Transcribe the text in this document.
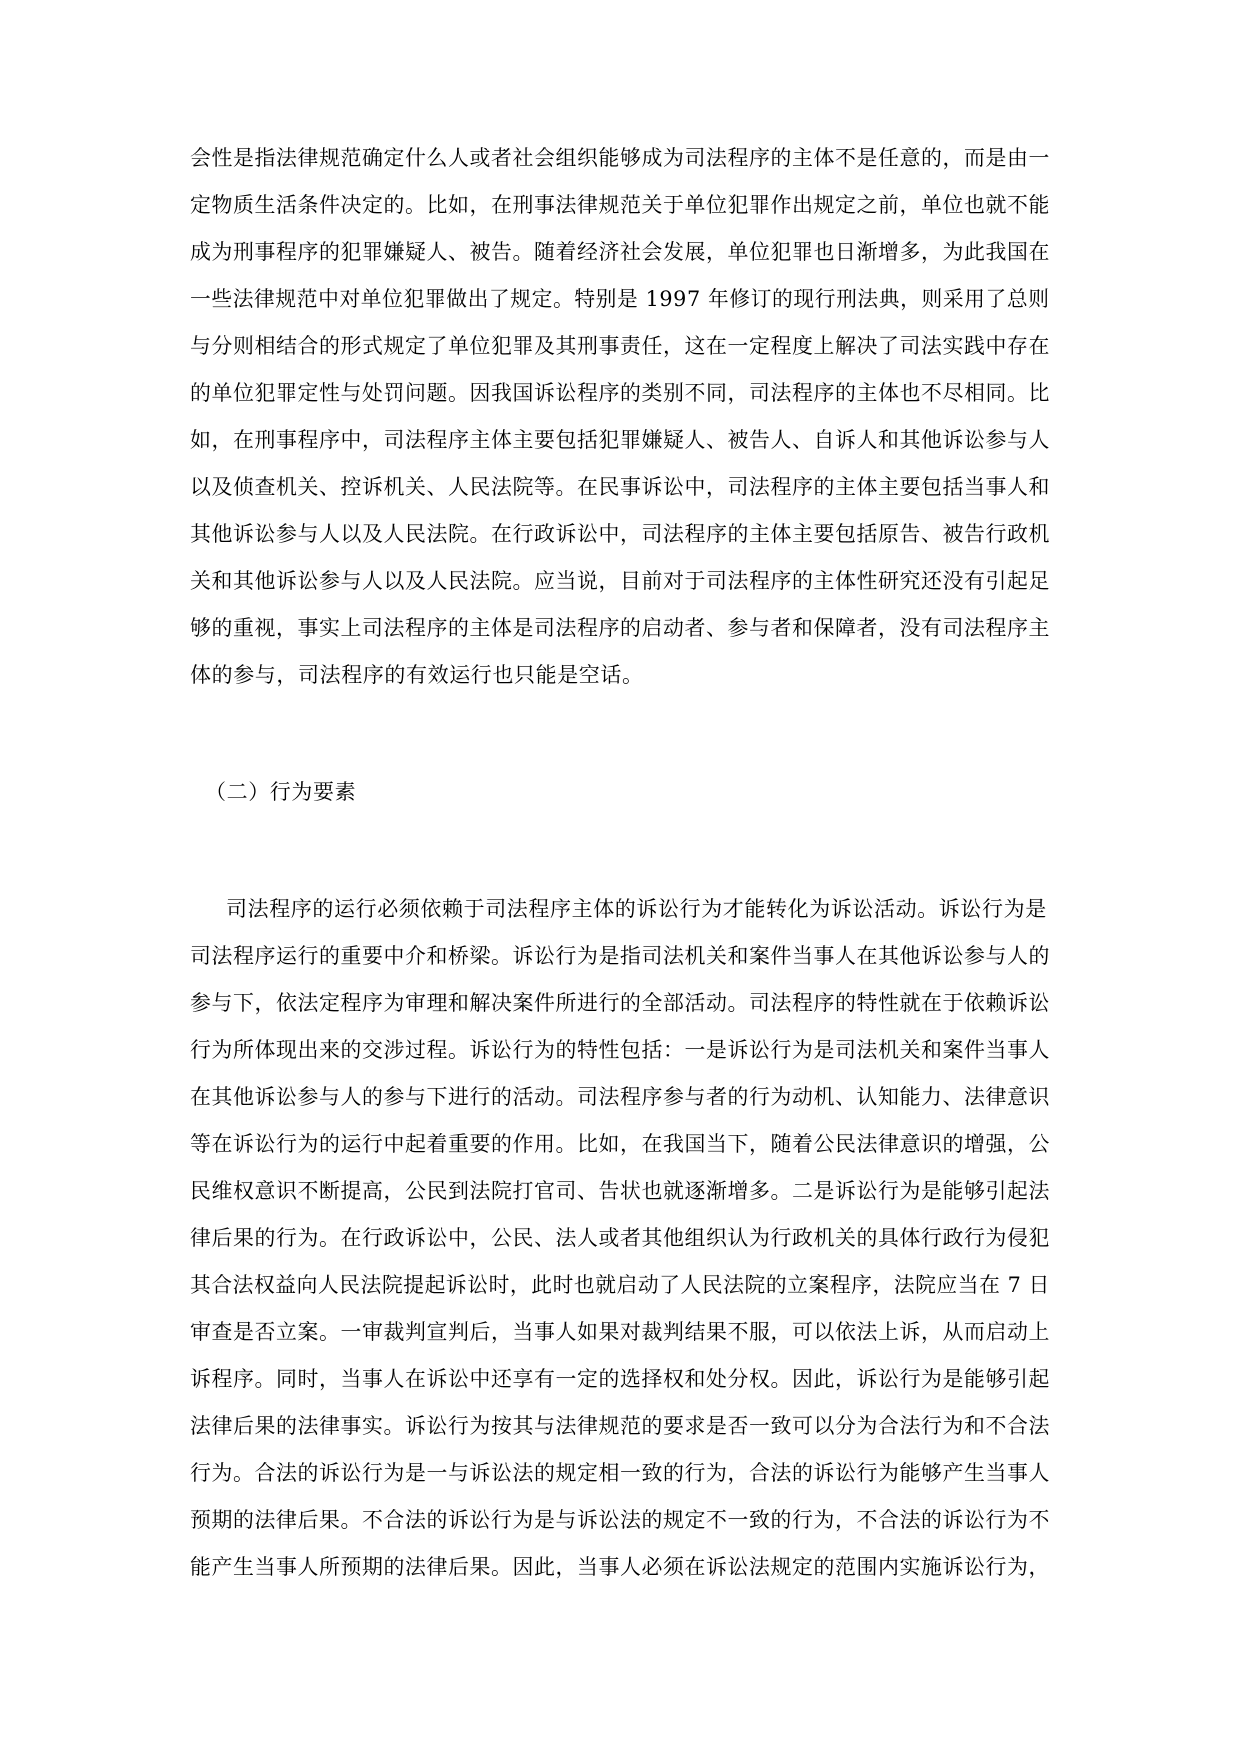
会性是指法律规范确定什么人或者社会组织能够成为司法程序的主体不是任意的，而是由一
定物质生活条件决定的。比如，在刑事法律规范关于单位犯罪作出规定之前，单位也就不能
成为刑事程序的犯罪嫌疑人、被告。随着经济社会发展，单位犯罪也日渐增多，为此我国在
一些法律规范中对单位犯罪做出了规定。特别是 1997 年修订的现行刑法典，则采用了总则
与分则相结合的形式规定了单位犯罪及其刑事责任，这在一定程度上解决了司法实践中存在
的单位犯罪定性与处罚问题。因我国诉讼程序的类别不同，司法程序的主体也不尽相同。比
如，在刑事程序中，司法程序主体主要包括犯罪嫌疑人、被告人、自诉人和其他诉讼参与人
以及侦查机关、控诉机关、人民法院等。在民事诉讼中，司法程序的主体主要包括当事人和
其他诉讼参与人以及人民法院。在行政诉讼中，司法程序的主体主要包括原告、被告行政机
关和其他诉讼参与人以及人民法院。应当说，目前对于司法程序的主体性研究还没有引起足
够的重视，事实上司法程序的主体是司法程序的启动者、参与者和保障者，没有司法程序主
体的参与，司法程序的有效运行也只能是空话。
（二）行为要素
司法程序的运行必须依赖于司法程序主体的诉讼行为才能转化为诉讼活动。诉讼行为是
司法程序运行的重要中介和桥梁。诉讼行为是指司法机关和案件当事人在其他诉讼参与人的
参与下，依法定程序为审理和解决案件所进行的全部活动。司法程序的特性就在于依赖诉讼
行为所体现出来的交涉过程。诉讼行为的特性包括：一是诉讼行为是司法机关和案件当事人
在其他诉讼参与人的参与下进行的活动。司法程序参与者的行为动机、认知能力、法律意识
等在诉讼行为的运行中起着重要的作用。比如，在我国当下，随着公民法律意识的增强，公
民维权意识不断提高，公民到法院打官司、告状也就逐渐增多。二是诉讼行为是能够引起法
律后果的行为。在行政诉讼中，公民、法人或者其他组织认为行政机关的具体行政行为侵犯
其合法权益向人民法院提起诉讼时，此时也就启动了人民法院的立案程序，法院应当在 7 日
审查是否立案。一审裁判宣判后，当事人如果对裁判结果不服，可以依法上诉，从而启动上
诉程序。同时，当事人在诉讼中还享有一定的选择权和处分权。因此，诉讼行为是能够引起
法律后果的法律事实。诉讼行为按其与法律规范的要求是否一致可以分为合法行为和不合法
行为。合法的诉讼行为是一与诉讼法的规定相一致的行为，合法的诉讼行为能够产生当事人
预期的法律后果。不合法的诉讼行为是与诉讼法的规定不一致的行为，不合法的诉讼行为不
能产生当事人所预期的法律后果。因此，当事人必须在诉讼法规定的范围内实施诉讼行为，
